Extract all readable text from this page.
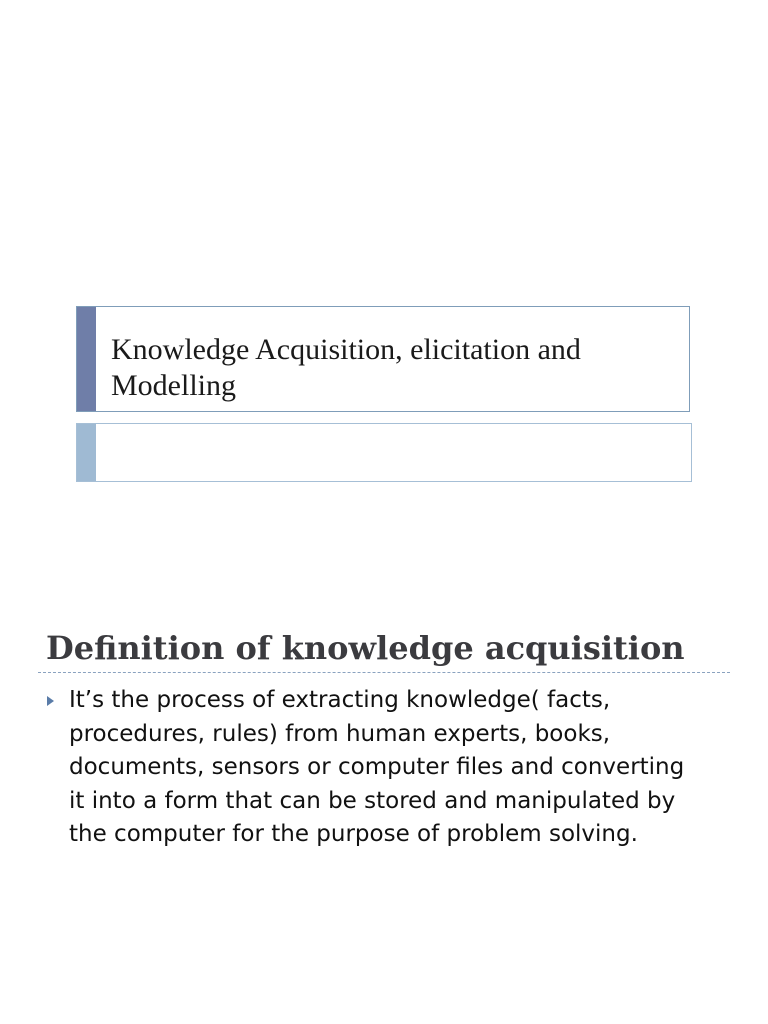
Knowledge Acquisition, elicitation and Modelling
Definition of knowledge acquisition
It’s the process of extracting knowledge( facts, procedures, rules) from human experts, books, documents, sensors or computer files and converting it into a form that can be stored and manipulated by the computer for the purpose of problem solving.
